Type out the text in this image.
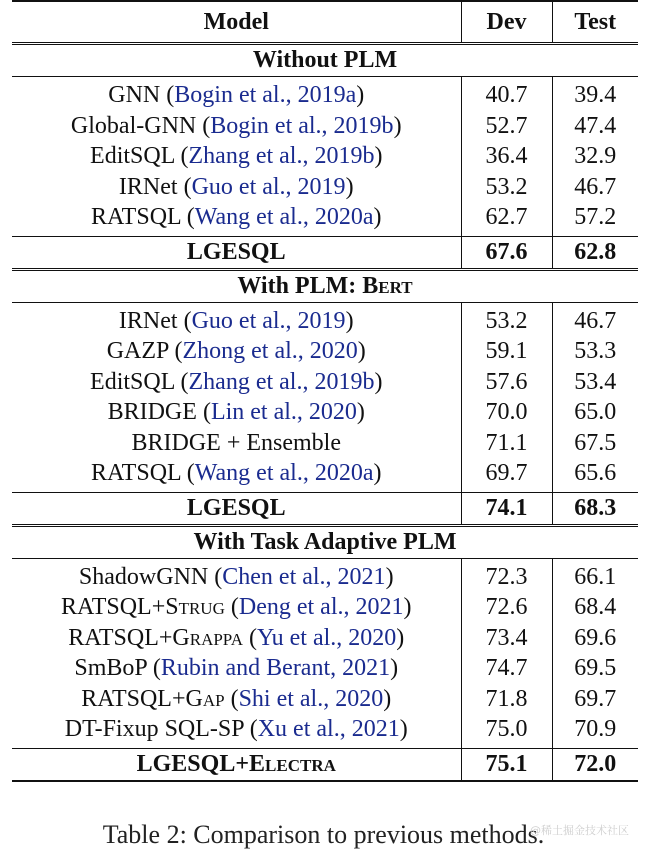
Model	Dev	Test
Without PLM		
GNN (Bogin et al., 2019a)	40.7	39.4
Global-GNN (Bogin et al., 2019b)	52.7	47.4
EditSQL (Zhang et al., 2019b)	36.4	32.9
IRNet (Guo et al., 2019)	53.2	46.7
RATSQL (Wang et al., 2020a)	62.7	57.2
LGESQL	67.6	62.8
With PLM: Bert		
IRNet (Guo et al., 2019)	53.2	46.7
GAZP (Zhong et al., 2020)	59.1	53.3
EditSQL (Zhang et al., 2019b)	57.6	53.4
BRIDGE (Lin et al., 2020)	70.0	65.0
BRIDGE + Ensemble	71.1	67.5
RATSQL (Wang et al., 2020a)	69.7	65.6
LGESQL	74.1	68.3
With Task Adaptive PLM		
ShadowGNN (Chen et al., 2021)	72.3	66.1
RATSQL+Strug (Deng et al., 2021)	72.6	68.4
RATSQL+Grappa (Yu et al., 2020)	73.4	69.6
SmBoP (Rubin and Berant, 2021)	74.7	69.5
RATSQL+Gap (Shi et al., 2020)	71.8	69.7
DT-Fixup SQL-SP (Xu et al., 2021)	75.0	70.9
LGESQL+Electra	75.1	72.0
Table 2: Comparison to previous methods.
@稀土掘金技术社区
